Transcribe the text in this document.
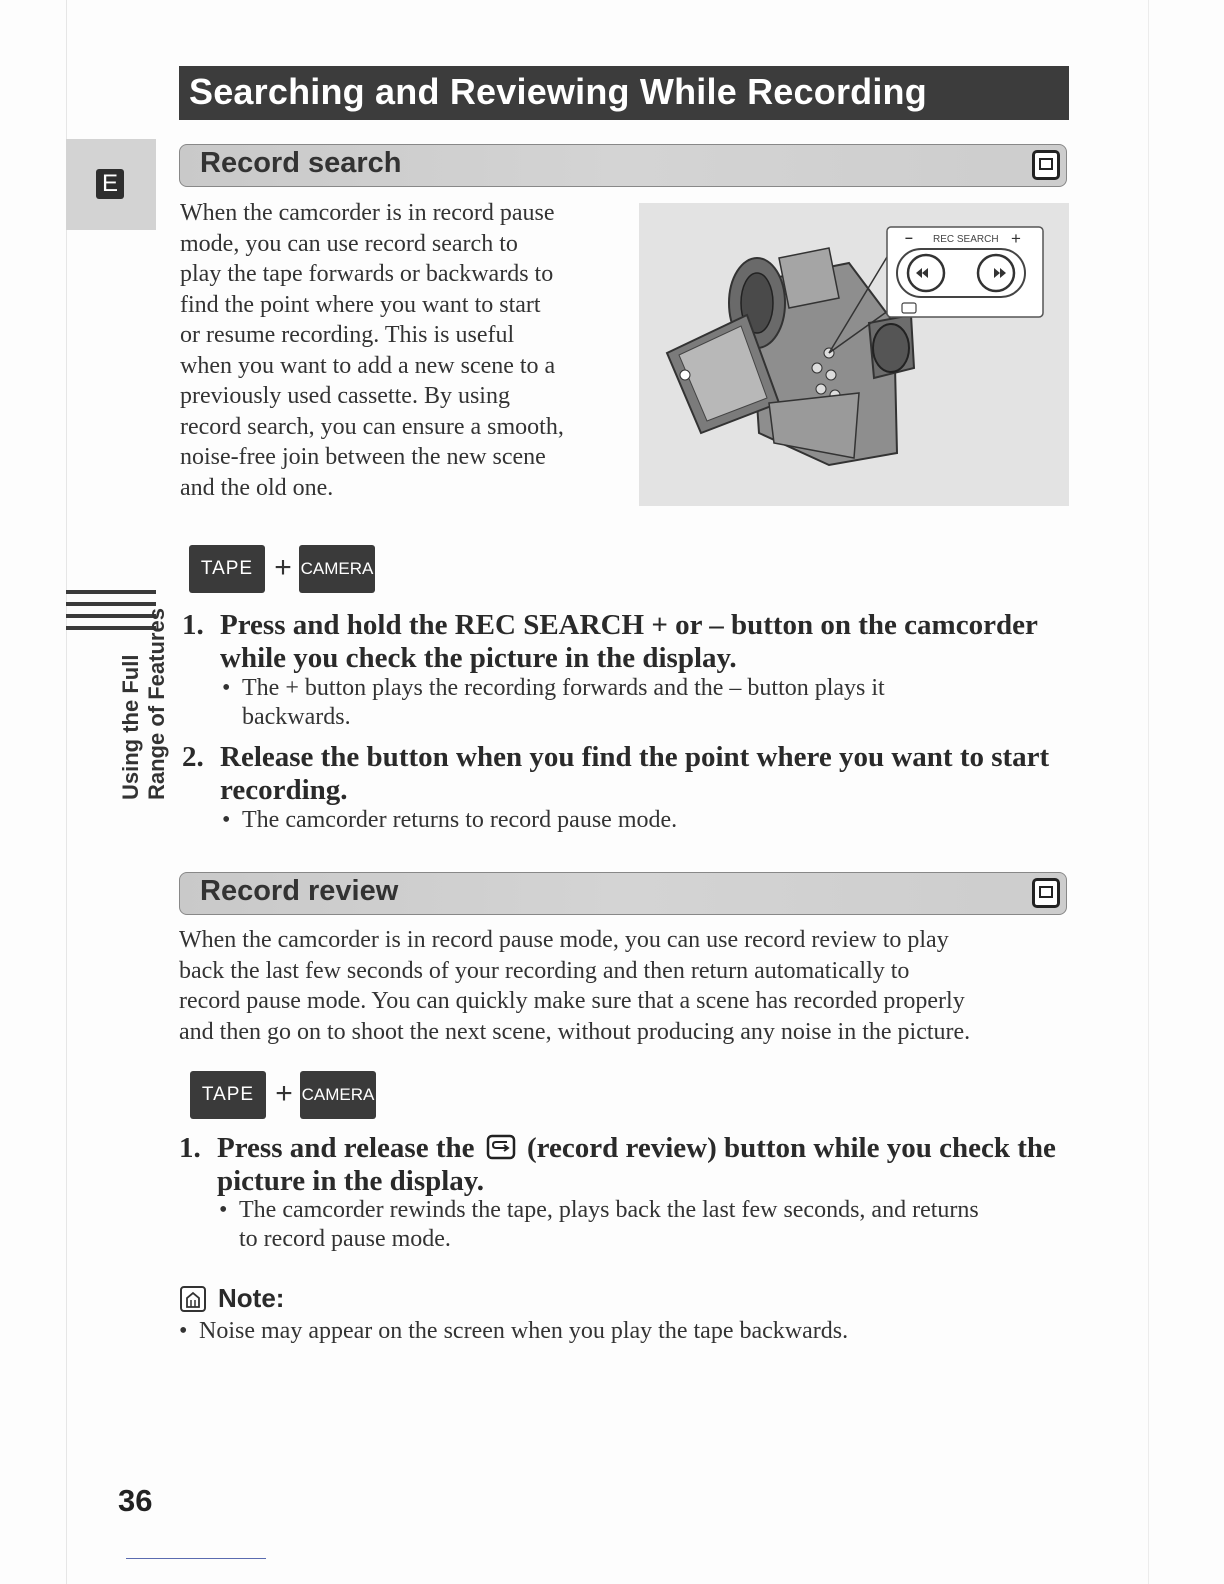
Searching and Reviewing While Recording
E
Record search
When the camcorder is in record pause
mode, you can use record search to
play the tape forwards or backwards to
find the point where you want to start
or resume recording. This is useful
when you want to add a new scene to a
previously used cassette. By using
record search, you can ensure a smooth,
noise-free join between the new scene
and the old one.
– REC SEARCH +
TAPE + CAMERA
Using the Full Range of Features 1. Press and hold the REC SEARCH + or – button on the camcorder
while you check the picture in the display.
• The + button plays the recording forwards and the – button plays it
backwards.
2. Release the button when you find the point where you want to start
recording.
• The camcorder returns to record pause mode.
Record review
When the camcorder is in record pause mode, you can use record review to play
back the last few seconds of your recording and then return automatically to
record pause mode. You can quickly make sure that a scene has recorded properly
and then go on to shoot the next scene, without producing any noise in the picture.
TAPE + CAMERA
1. Press and release the (record review) button while you check the
picture in the display.
• The camcorder rewinds the tape, plays back the last few seconds, and returns
to record pause mode.
Note:
• Noise may appear on the screen when you play the tape backwards.
36
